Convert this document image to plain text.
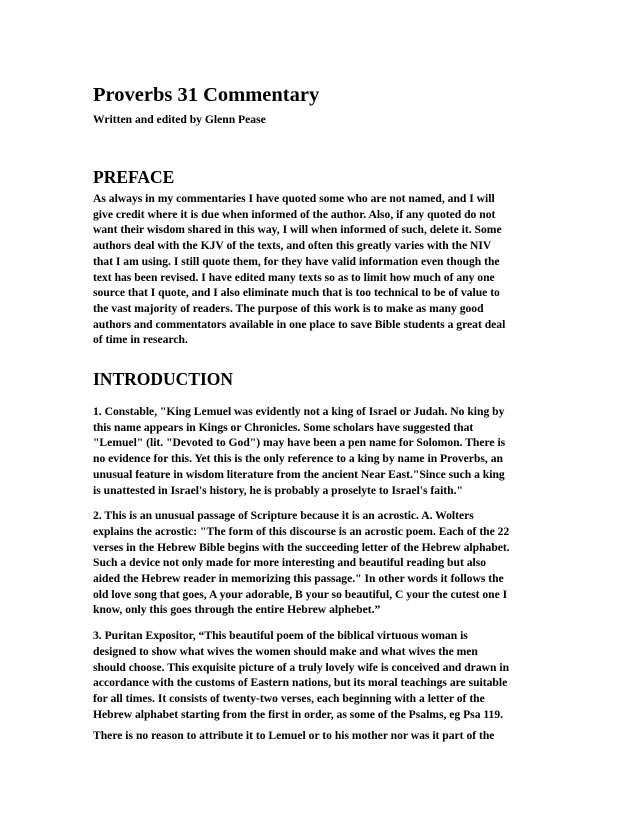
Proverbs 31 Commentary
Written and edited by Glenn Pease
PREFACE
As always in my commentaries I have quoted some who are not named, and I will
give credit where it is due when informed of the author. Also, if any quoted do not
want their wisdom shared in this way, I will when informed of such, delete it. Some
authors deal with the KJV of the texts, and often this greatly varies with the NIV
that I am using. I still quote them, for they have valid information even though the
text has been revised. I have edited many texts so as to limit how much of any one
source that I quote, and I also eliminate much that is too technical to be of value to
the vast majority of readers. The purpose of this work is to make as many good
authors and commentators available in one place to save Bible students a great deal
of time in research.
INTRODUCTION
1. Constable, "King Lemuel was evidently not a king of Israel or Judah. No king by
this name appears in Kings or Chronicles. Some scholars have suggested that
"Lemuel" (lit. "Devoted to God") may have been a pen name for Solomon. There is
no evidence for this. Yet this is the only reference to a king by name in Proverbs, an
unusual feature in wisdom literature from the ancient Near East."Since such a king
is unattested in Israel's history, he is probably a proselyte to Israel's faith."
2. This is an unusual passage of Scripture because it is an acrostic. A. Wolters
explains the acrostic: "The form of this discourse is an acrostic poem. Each of the 22
verses in the Hebrew Bible begins with the succeeding letter of the Hebrew alphabet.
Such a device not only made for more interesting and beautiful reading but also
aided the Hebrew reader in memorizing this passage." In other words it follows the
old love song that goes, A your adorable, B your so beautiful, C your the cutest one I
know, only this goes through the entire Hebrew alphebet.”
3. Puritan Expositor, “This beautiful poem of the biblical virtuous woman is
designed to show what wives the women should make and what wives the men
should choose. This exquisite picture of a truly lovely wife is conceived and drawn in
accordance with the customs of Eastern nations, but its moral teachings are suitable
for all times. It consists of twenty-two verses, each beginning with a letter of the
Hebrew alphabet starting from the first in order, as some of the Psalms, eg Psa 119.
There is no reason to attribute it to Lemuel or to his mother nor was it part of the
